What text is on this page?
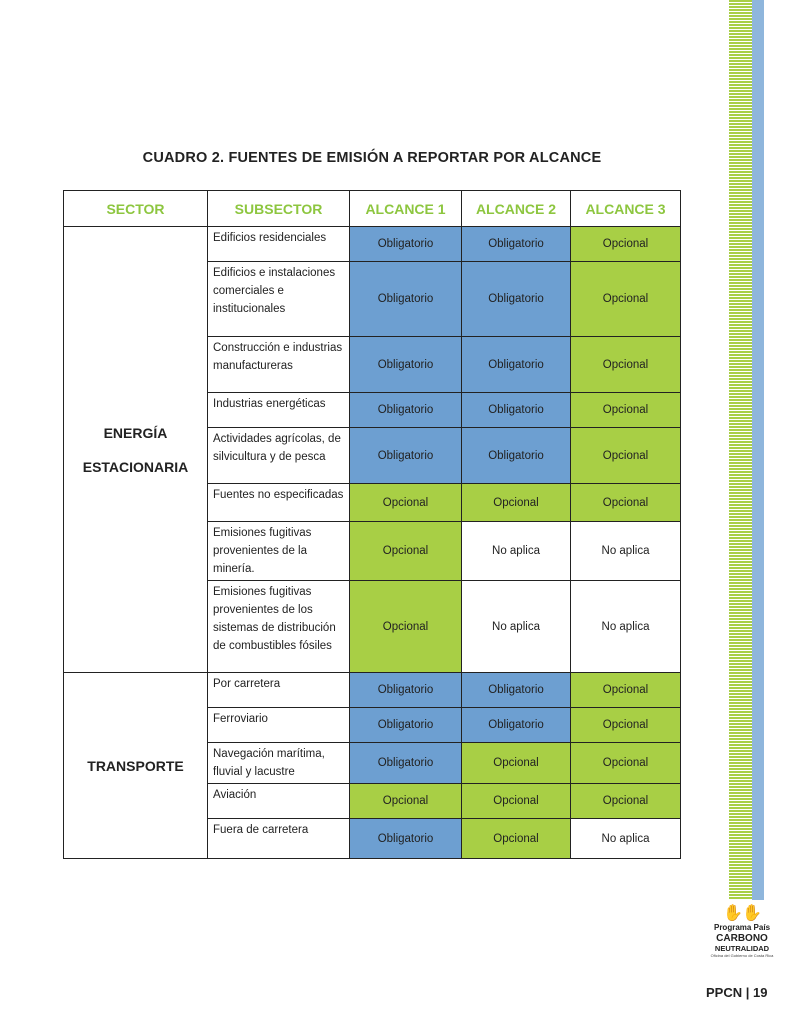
CUADRO 2. FUENTES DE EMISIÓN A REPORTAR POR ALCANCE
SECTOR	SUBSECTOR	ALCANCE 1	ALCANCE 2	ALCANCE 3

ENERGÍA
ESTACIONARIA	Edificios residenciales	Obligatorio	Obligatorio	Opcional
	Edificios e instalaciones comerciales e institucionales	Obligatorio	Obligatorio	Opcional
	Construcción e industrias manufactureras	Obligatorio	Obligatorio	Opcional
	Industrias energéticas	Obligatorio	Obligatorio	Opcional
	Actividades agrícolas, de silvicultura y de pesca	Obligatorio	Obligatorio	Opcional
	Fuentes no especificadas	Opcional	Opcional	Opcional
	Emisiones fugitivas provenientes de la minería.	Opcional	No aplica	No aplica
	Emisiones fugitivas provenientes de los sistemas de distribución de combustibles fósiles	Opcional	No aplica	No aplica

TRANSPORTE	Por carretera	Obligatorio	Obligatorio	Opcional
	Ferroviario	Obligatorio	Obligatorio	Opcional
	Navegación marítima, fluvial y lacustre	Obligatorio	Opcional	Opcional
	Aviación	Opcional	Opcional	Opcional
	Fuera de carretera	Obligatorio	Opcional	No aplica
✋✋
Programa País
CARBONO
NEUTRALIDAD
Oficina del Gobierno de Costa Rica
PPCN | 19
